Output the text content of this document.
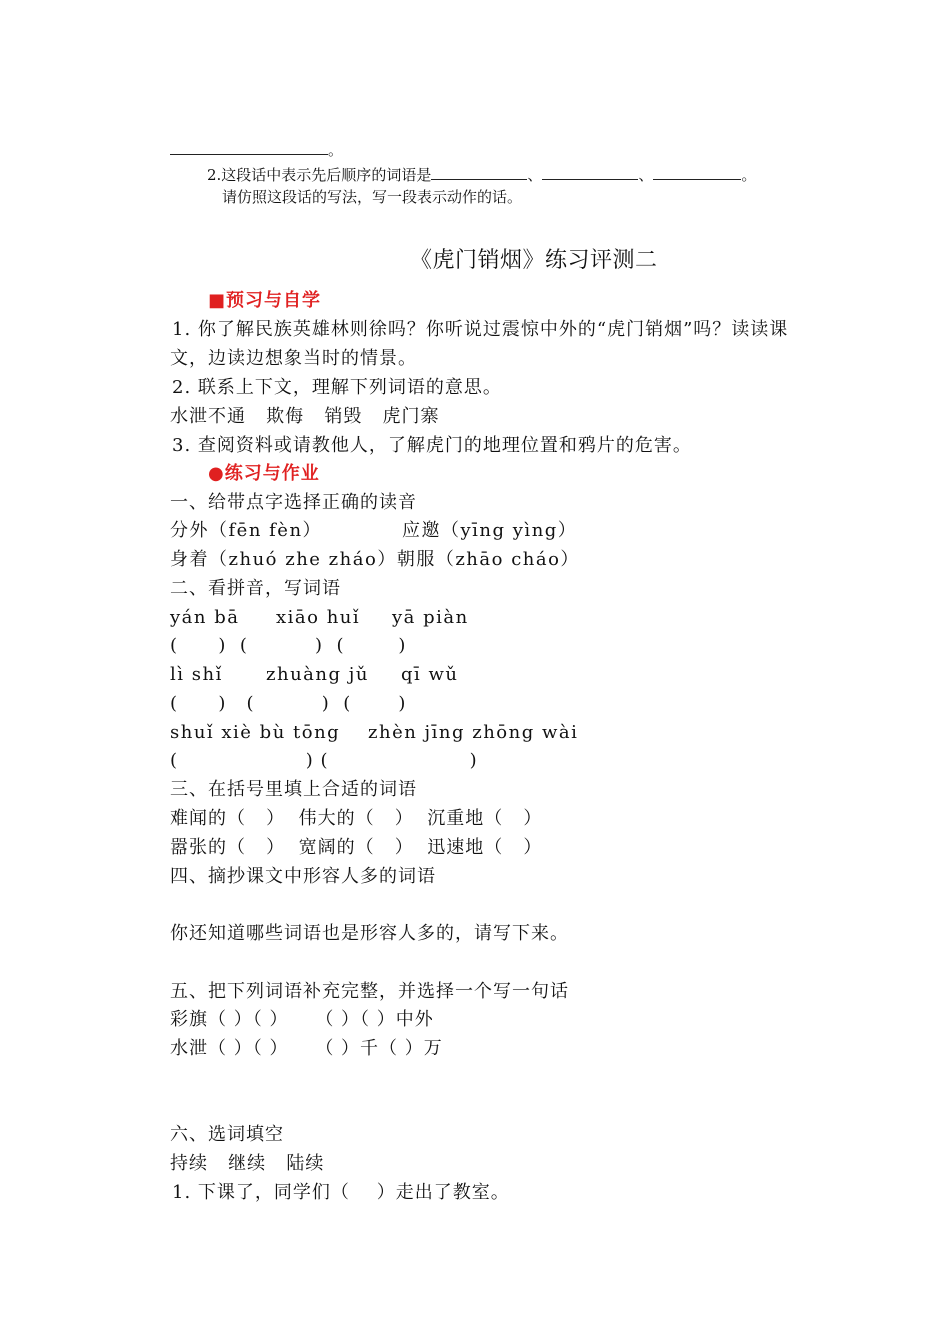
。
2.这段话中表示先后顺序的词语是	、	、	。
请仿照这段话的写法，写一段表示动作的话。
《虎门销烟》练习评测二
■预习与自学
1. 你了解民族英雄林则徐吗？你听说过震惊中外的“虎门销烟”吗？读读课
文，边读边想象当时的情景。
2. 联系上下文，理解下列词语的意思。
水泄不通   欺侮   销毁   虎门寨
3. 查阅资料或请教他人，了解虎门的地理位置和鸦片的危害。
●练习与作业
一、给带点字选择正确的读音
分外（fēn fèn）	应邀（yīng yìng）
身着（zhuó zhe zháo）朝服（zhāo cháo）
二、看拼音，写词语
yán bā xiāo huǐ yā piàn
(      )  (          )  (        )
lì shǐ zhuàng jǔ qī wǔ
(      )   (          )  (       )
shuǐ xiè bù tōng zhèn jīng zhōng wài
(                   ) (                     )
三、在括号里填上合适的词语
难闻的（   ）  伟大的（   ）  沉重地（   ）
嚣张的（   ）  宽阔的（   ）  迅速地（   ）
四、摘抄课文中形容人多的词语
你还知道哪些词语也是形容人多的，请写下来。
五、把下列词语补充完整，并选择一个写一句话
彩旗（ ）（ ）    （ ）（ ）中外
水泄（ ）（ ）    （ ）千（ ）万
六、选词填空
持续   继续   陆续
1. 下课了，同学们（    ）走出了教室。
